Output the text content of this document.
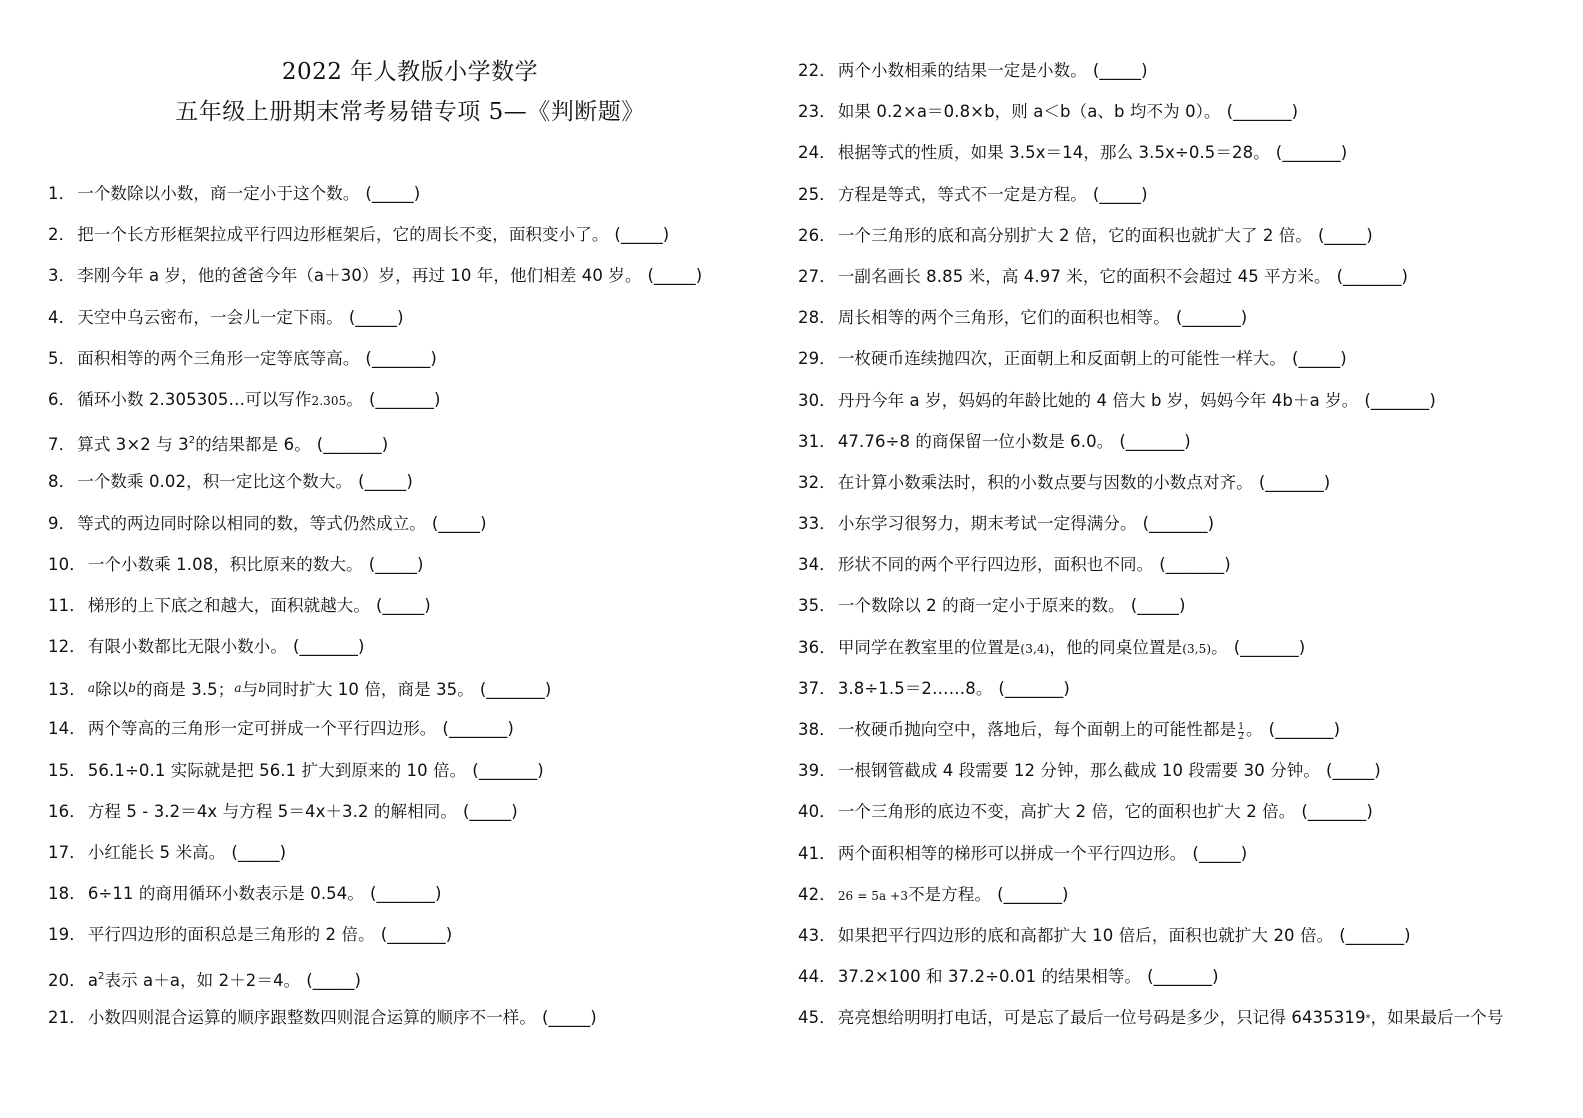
2022 年人教版小学数学
五年级上册期末常考易错专项 5—《判断题》
1 ． 一个数除以小数，商一定小于这个数。 (_____)
2 ． 把一个长方形框架拉成平行四边形框架后，它的周长不变，面积变小了。 (_____)
3 ． 李刚今年 a 岁，他的爸爸今年（a＋30）岁，再过 10 年，他们相差 40 岁。 (_____)
4 ． 天空中乌云密布，一会儿一定下雨。 (_____)
5 ． 面积相等的两个三角形一定等底等高。 (_______)
6 ． 循环小数 2.305305…可以写作2.3̇05̇。 (_______)
7 ． 算式 3×2 与 $3^2$的结果都是 6。 (_______)
8 ． 一个数乘 0.02，积一定比这个数大。 (_____)
9 ． 等式的两边同时除以相同的数，等式仍然成立。 (_____)
10 ． 一个小数乘 1.08，积比原来的数大。 (_____)
11 ． 梯形的上下底之和越大，面积就越大。 (_____)
12 ． 有限小数都比无限小数小。 (_______)
13 ． a除以b的商是 3.5；a与b同时扩大 10 倍，商是 35。 (_______)
14 ． 两个等高的三角形一定可拼成一个平行四边形。 (_______)
15 ． 56.1÷0.1 实际就是把 56.1 扩大到原来的 10 倍。 (_______)
16 ． 方程 5 - 3.2＝4x 与方程 5＝4x＋3.2 的解相同。 (_____)
17 ． 小红能长 5 米高。 (_____)
18 ． 6÷11 的商用循环小数表示是 0.54。 (_______)
19 ． 平行四边形的面积总是三角形的 2 倍。 (_______)
20 ． $a^2$表示 a＋a，如 2＋2＝4。 (_____)
21 ． 小数四则混合运算的顺序跟整数四则混合运算的顺序不一样。 (_____)
22 ． 两个小数相乘的结果一定是小数。 (_____)
23 ． 如果 0.2×a＝0.8×b，则 a＜b（a、b 均不为 0）。 (_______)
24 ． 根据等式的性质，如果 3.5x＝14，那么 3.5x÷0.5＝28。 (_______)
25 ． 方程是等式，等式不一定是方程。 (_____)
26 ． 一个三角形的底和高分别扩大 2 倍，它的面积也就扩大了 2 倍。 (_____)
27 ． 一副名画长 8.85 米，高 4.97 米，它的面积不会超过 45 平方米。 (_______)
28 ． 周长相等的两个三角形，它们的面积也相等。 (_______)
29 ． 一枚硬币连续抛四次，正面朝上和反面朝上的可能性一样大。 (_____)
30 ． 丹丹今年 a 岁，妈妈的年龄比她的 4 倍大 b 岁，妈妈今年 4b＋a 岁。 (_______)
31 ． 47.76÷8 的商保留一位小数是 6.0。 (_______)
32 ． 在计算小数乘法时，积的小数点要与因数的小数点对齐。 (_______)
33 ． 小东学习很努力，期末考试一定得满分。 (_______)
34 ． 形状不同的两个平行四边形，面积也不同。 (_______)
35 ． 一个数除以 2 的商一定小于原来的数。 (_____)
36 ． 甲同学在教室里的位置是(3,4)，他的同桌位置是(3,5)。 (_______)
37 ． 3.8÷1.5＝2……8。 (_______)
38 ． 一枚硬币抛向空中，落地后，每个面朝上的可能性都是 $\frac{1}{2}$ 。 (_______)
39 ． 一根钢管截成 4 段需要 12 分钟，那么截成 10 段需要 30 分钟。 (_____)
40 ． 一个三角形的底边不变，高扩大 2 倍，它的面积也扩大 2 倍。 (_______)
41 ． 两个面积相等的梯形可以拼成一个平行四边形。 (_____)
42 ． 26 = 5a +3不是方程。 (_______)
43 ． 如果把平行四边形的底和高都扩大 10 倍后，面积也就扩大 20 倍。 (_______)
44 ． 37.2×100 和 37.2÷0.01 的结果相等。 (_______)
45 ． 亮亮想给明明打电话，可是忘了最后一位号码是多少，只记得 6435319*，如果最后一个号
